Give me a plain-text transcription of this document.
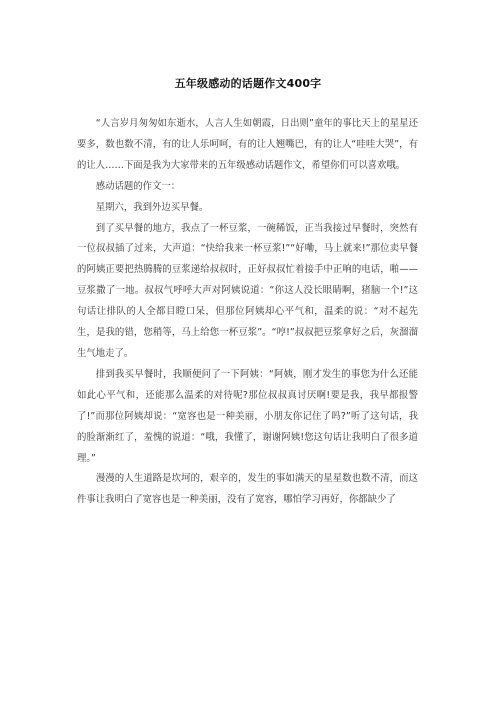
五年级感动的话题作文400字

“人言岁月匆匆如东逝水，人言人生如朝霞，日出则”童年的事比天上的星星还要多，数也数不清，有的让人乐呵呵，有的让人翘嘴巴，有的让人“哇哇大哭”，有的让人……下面是我为大家带来的五年级感动话题作文，希望你们可以喜欢哦。

感动话题的作文一：

星期六，我到外边买早餐。

到了买早餐的地方，我点了一杯豆浆，一碗稀饭，正当我接过早餐时，突然有一位叔叔插了过来，大声道：“快给我来一杯豆浆!”“好嘞，马上就来!”那位卖早餐的阿姨正要把热腾腾的豆浆递给叔叔时，正好叔叔忙着接手中正响的电话，啪——豆浆撒了一地。叔叔气呼呼大声对阿姨说道：“你这人没长眼睛啊，猪脑一个!”这句话让排队的人全都目瞪口呆，但那位阿姨却心平气和，温柔的说：“对不起先生，是我的错，您稍等，马上给您一杯豆浆”。“哼!”叔叔把豆浆拿好之后，灰溜溜生气地走了。

排到我买早餐时，我顺便问了一下阿姨：“阿姨，刚才发生的事您为什么还能如此心平气和，还能那么温柔的对待呢?那位叔叔真讨厌啊!要是我，我早都报警了!”而那位阿姨却说：“宽容也是一种美丽，小朋友你记住了吗?”听了这句话，我的脸渐渐红了，羞愧的说道：“哦，我懂了，谢谢阿姨!您这句话让我明白了很多道理。”

漫漫的人生道路是坎坷的，艰辛的，发生的事如满天的星星数也数不清，而这件事让我明白了宽容也是一种美丽，没有了宽容，哪怕学习再好，你都缺少了
